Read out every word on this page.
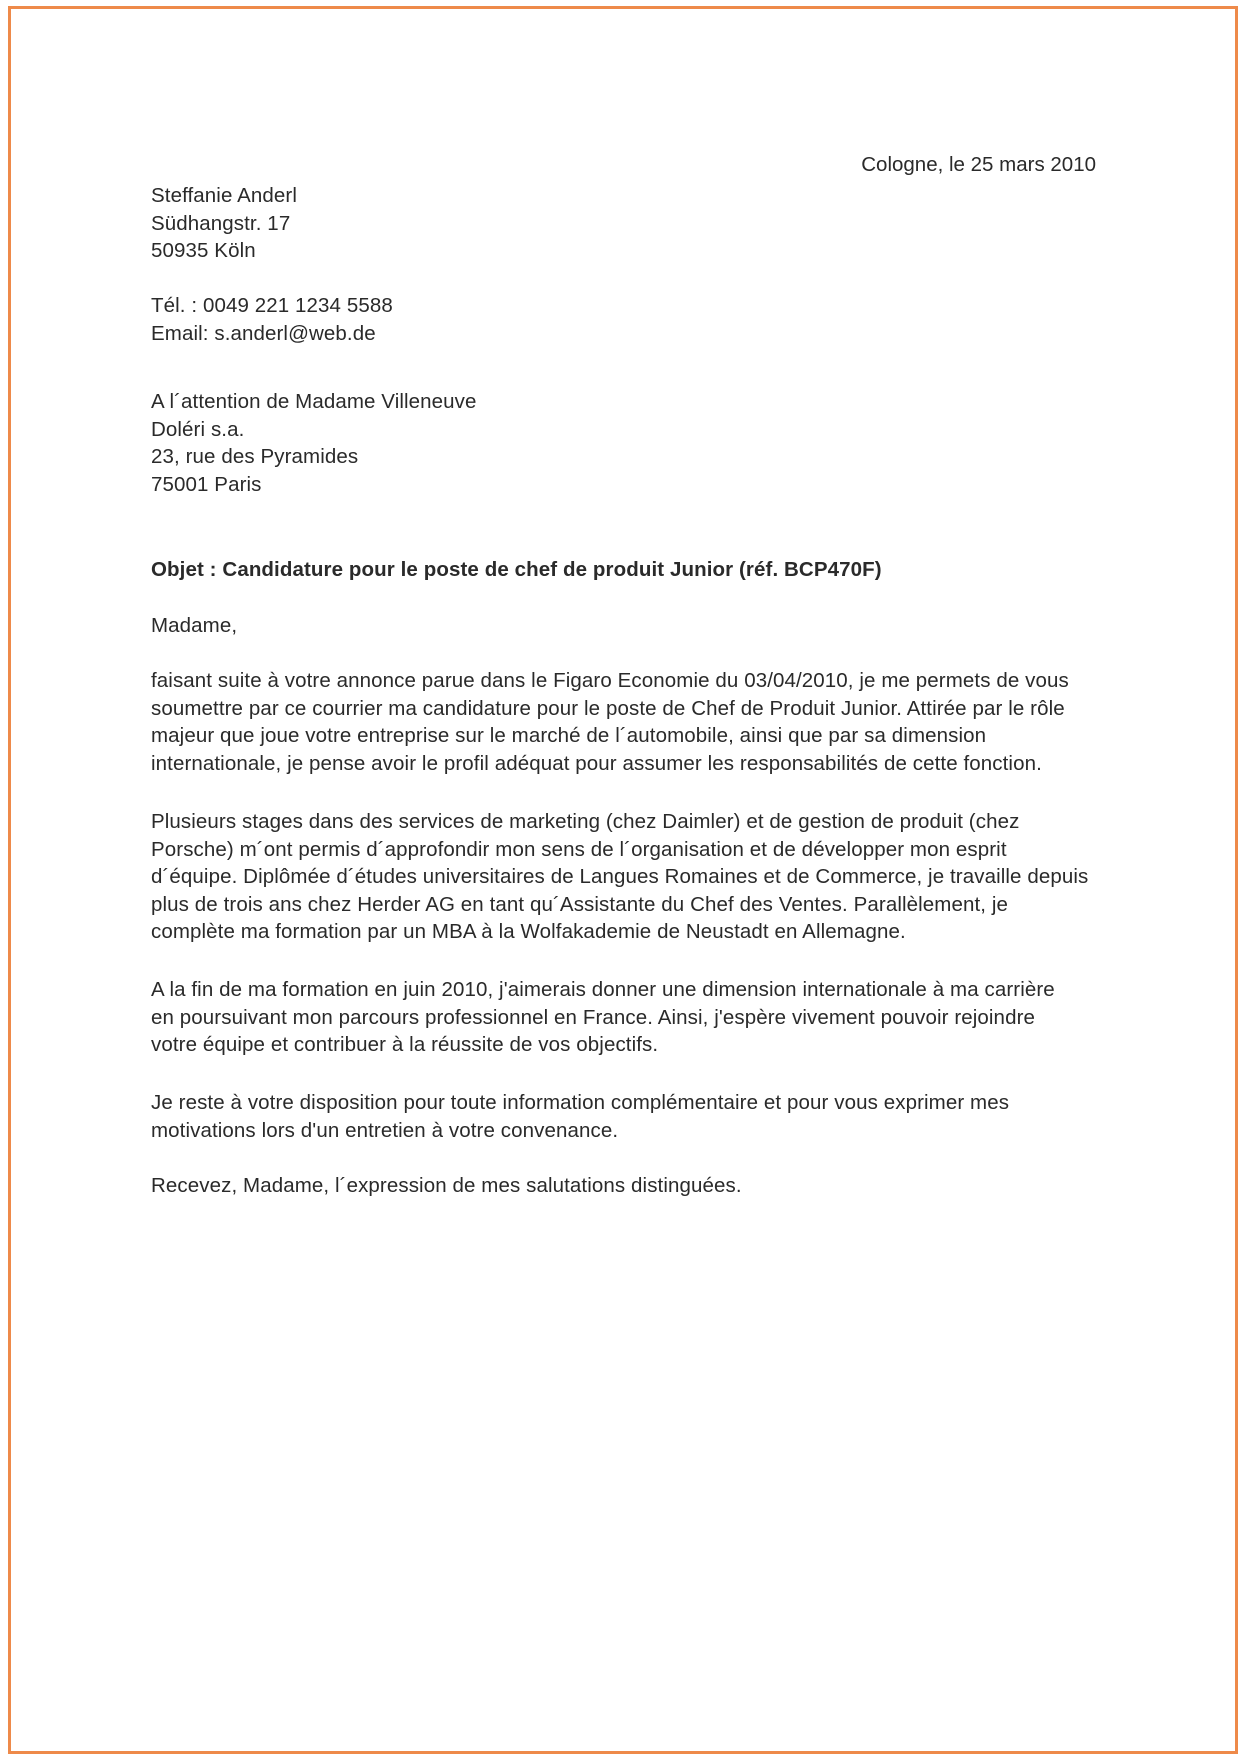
Cologne, le 25 mars 2010
Steffanie Anderl
Südhangstr. 17
50935 Köln
Tél. : 0049 221 1234 5588
Email: s.anderl@web.de
A l´attention de Madame Villeneuve
Doléri s.a.
23, rue des Pyramides
75001 Paris
Objet : Candidature pour le poste de chef de produit Junior (réf. BCP470F)
Madame,
faisant suite à votre annonce parue dans le Figaro Economie du 03/04/2010, je me permets de vous
soumettre par ce courrier ma candidature pour le poste de Chef de Produit Junior. Attirée par le rôle
majeur que joue votre entreprise sur le marché de l´automobile, ainsi que par sa dimension
internationale, je pense avoir le profil adéquat pour assumer les responsabilités de cette fonction.
Plusieurs stages dans des services de marketing (chez Daimler) et de gestion de produit (chez
Porsche) m´ont permis d´approfondir mon sens de l´organisation et de développer mon esprit
d´équipe. Diplômée d´études universitaires de Langues Romaines et de Commerce, je travaille depuis
plus de trois ans chez Herder AG en tant qu´Assistante du Chef des Ventes. Parallèlement, je
complète ma formation par un MBA à la Wolfakademie de Neustadt en Allemagne.
A la fin de ma formation en juin 2010, j'aimerais donner une dimension internationale à ma carrière
en poursuivant mon parcours professionnel en France. Ainsi, j'espère vivement pouvoir rejoindre
votre équipe et contribuer à la réussite de vos objectifs.
Je reste à votre disposition pour toute information complémentaire et pour vous exprimer mes
motivations lors d'un entretien à votre convenance.
Recevez, Madame, l´expression de mes salutations distinguées.
